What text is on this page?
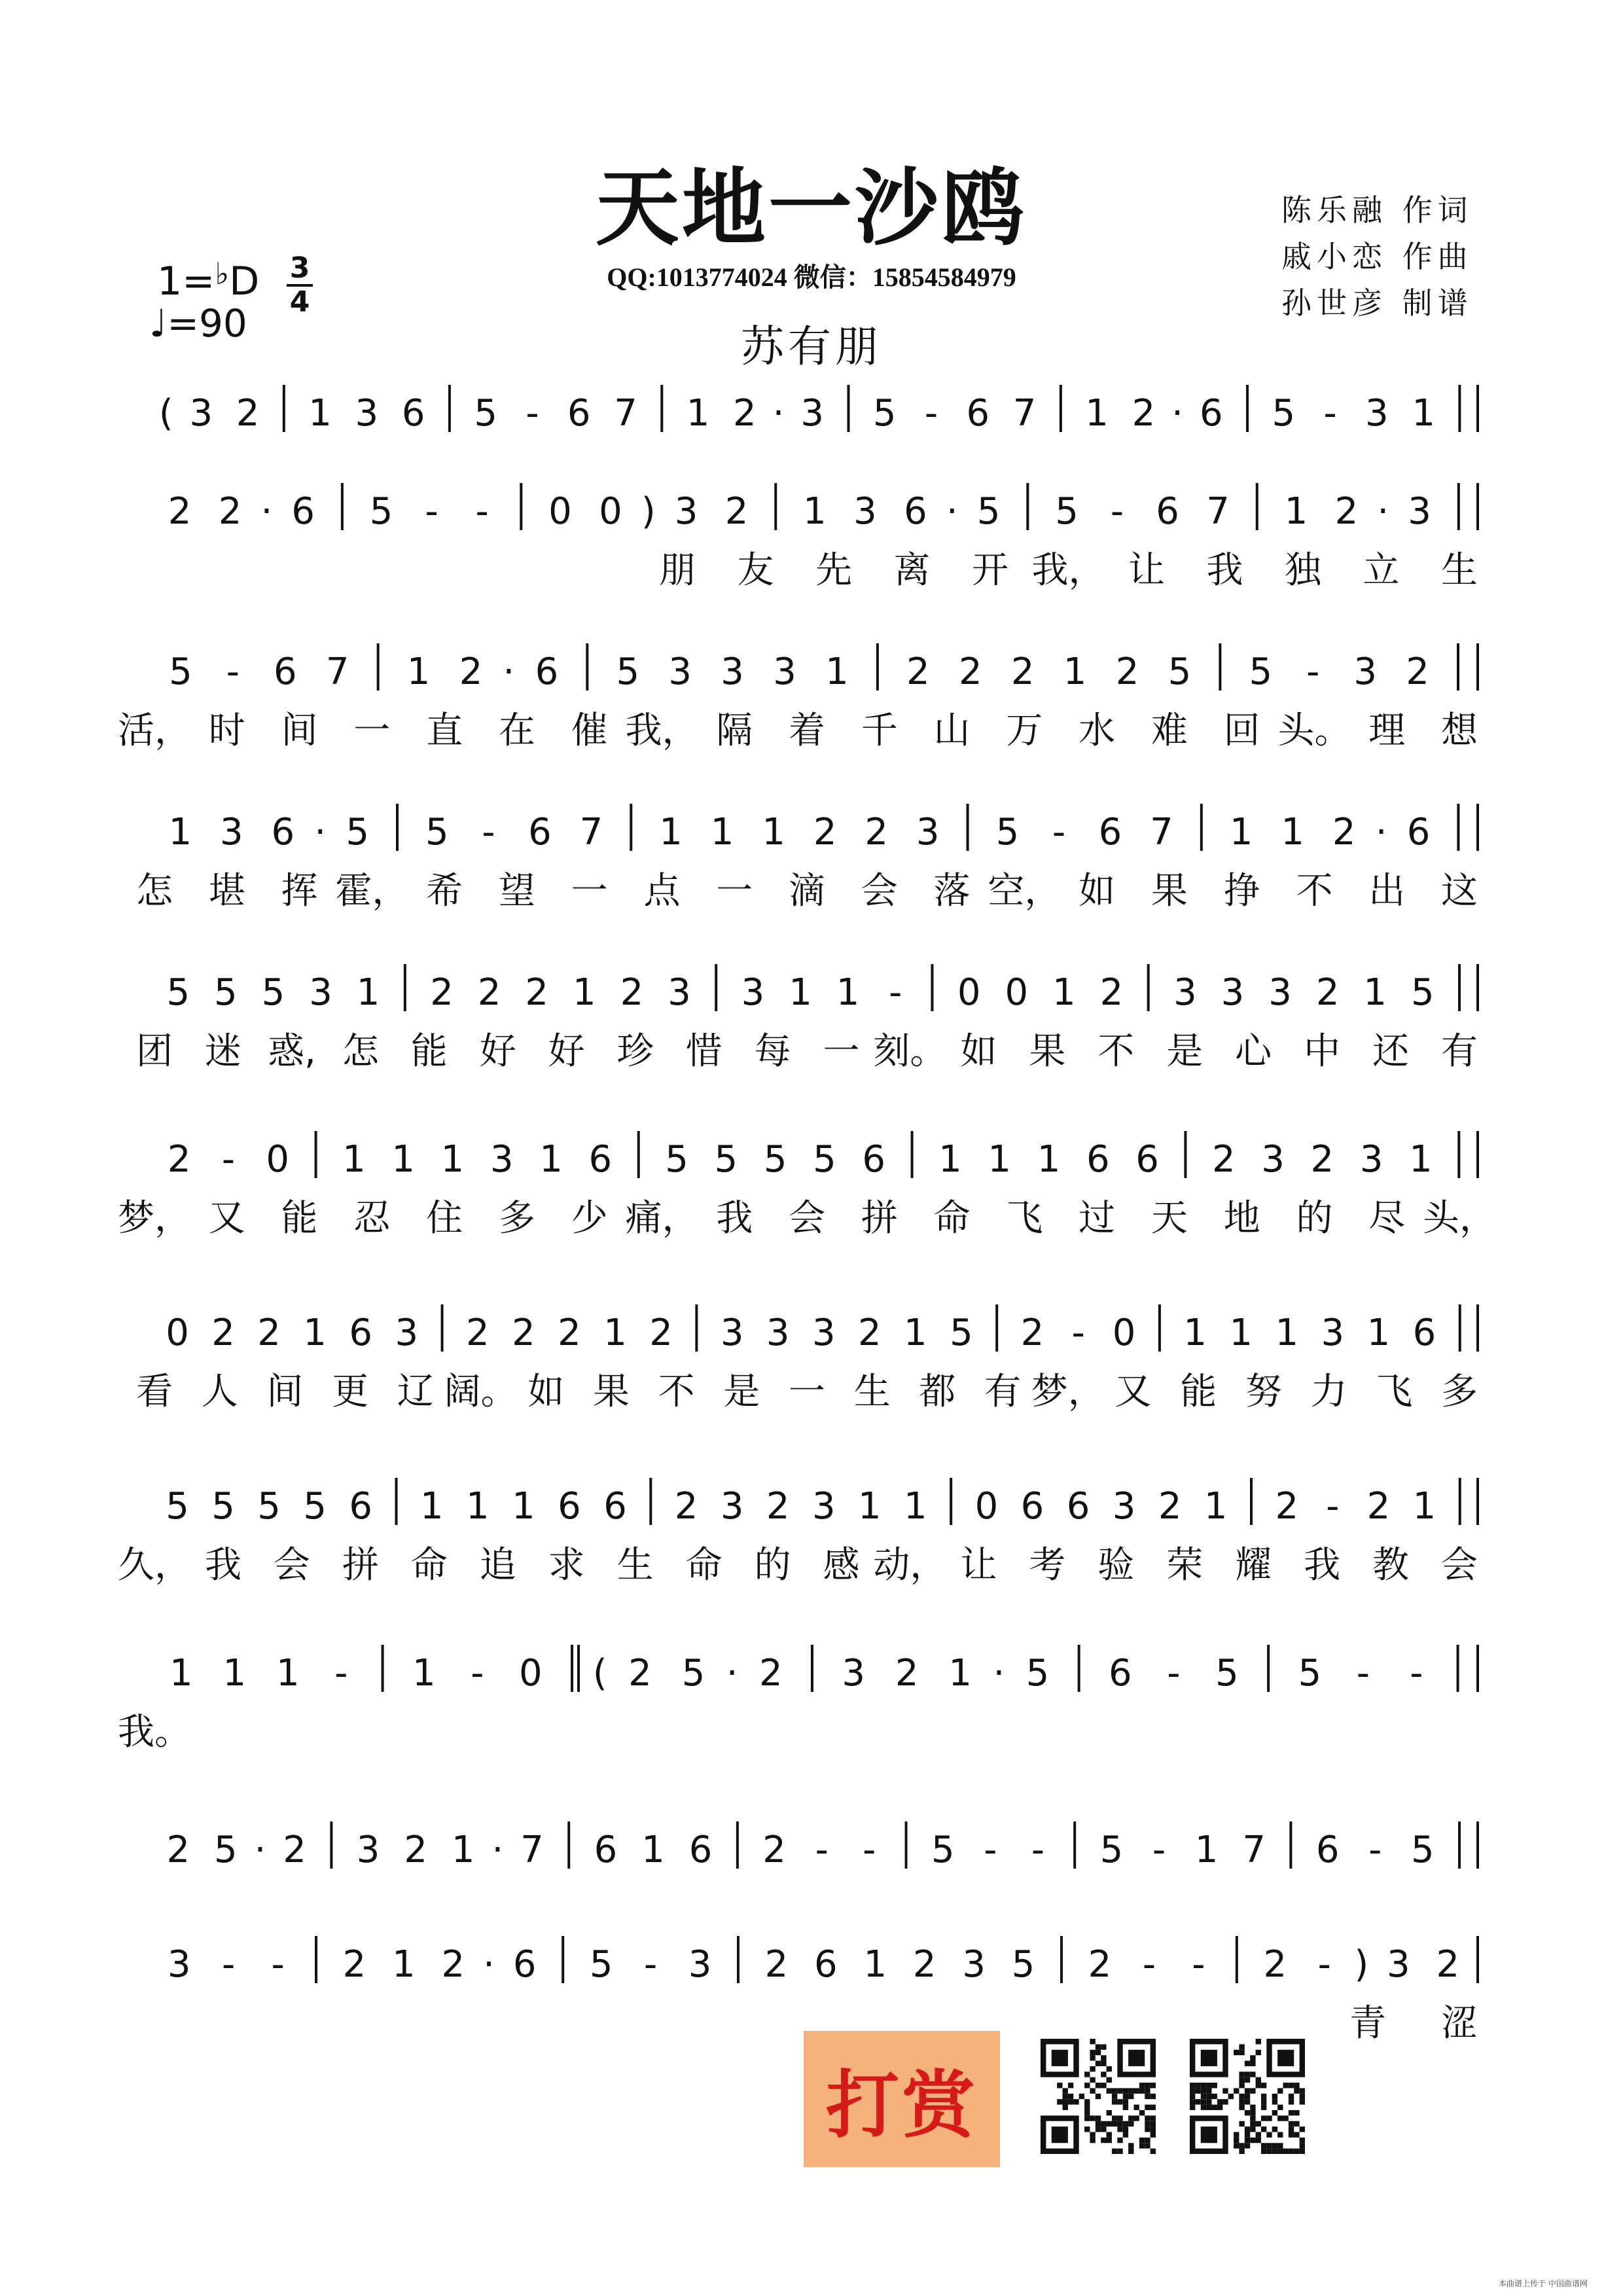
天地一沙鸥
QQ:1013774024 微信：15854584979
苏有朋
陈乐融 作词
戚小恋 作曲
孙世彦 制谱
1=♭D 3
4
♩=90
( 3 2 1 3 6 5 - 6 7 1 2 · 3 5 - 6 7 1 2 · 6 5 - 3 1
2 2 · 6 5 - - 0 0 ) 3 2 1 3 6 · 5 5 - 6 7 1 2 · 3
朋 友 先 离 开 我， 让 我 独 立 生
5 - 6 7 1 2 · 6 5 3 3 3 1 2 2 2 1 2 5 5 - 3 2
活， 时 间 一 直 在 催 我， 隔 着 千 山 万 水 难 回 头。 理 想
1 3 6 · 5 5 - 6 7 1 1 1 2 2 3 5 - 6 7 1 1 2 · 6
怎 堪 挥 霍， 希 望 一 点 一 滴 会 落 空， 如 果 挣 不 出 这
5 5 5 3 1 2 2 2 1 2 3 3 1 1 - 0 0 1 2 3 3 3 2 1 5
团 迷 惑, 怎 能 好 好 珍 惜 每 一 刻。 如 果 不 是 心 中 还 有
2 - 0 1 1 1 3 1 6 5 5 5 5 6 1 1 1 6 6 2 3 2 3 1
梦， 又 能 忍 住 多 少 痛， 我 会 拼 命 飞 过 天 地 的 尽 头，
0 2 2 1 6 3 2 2 2 1 2 3 3 3 2 1 5 2 - 0 1 1 1 3 1 6
看 人 间 更 辽 阔。 如 果 不 是 一 生 都 有 梦， 又 能 努 力 飞 多
5 5 5 5 6 1 1 1 6 6 2 3 2 3 1 1 0 6 6 3 2 1 2 - 2 1
久， 我 会 拼 命 追 求 生 命 的 感 动， 让 考 验 荣 耀 我 教 会
1 1 1 - 1 - 0 ( 2 5 · 2 3 2 1 · 5 6 - 5 5 - -
我。
2 5 · 2 3 2 1 · 7 6 1 6 2 - - 5 - - 5 - 1 7 6 - 5
3 - - 2 1 2 · 6 5 - 3 2 6 1 2 3 5 2 - - 2 - ) 3 2
青 涩
打赏
本曲谱上传于 中国曲谱网
